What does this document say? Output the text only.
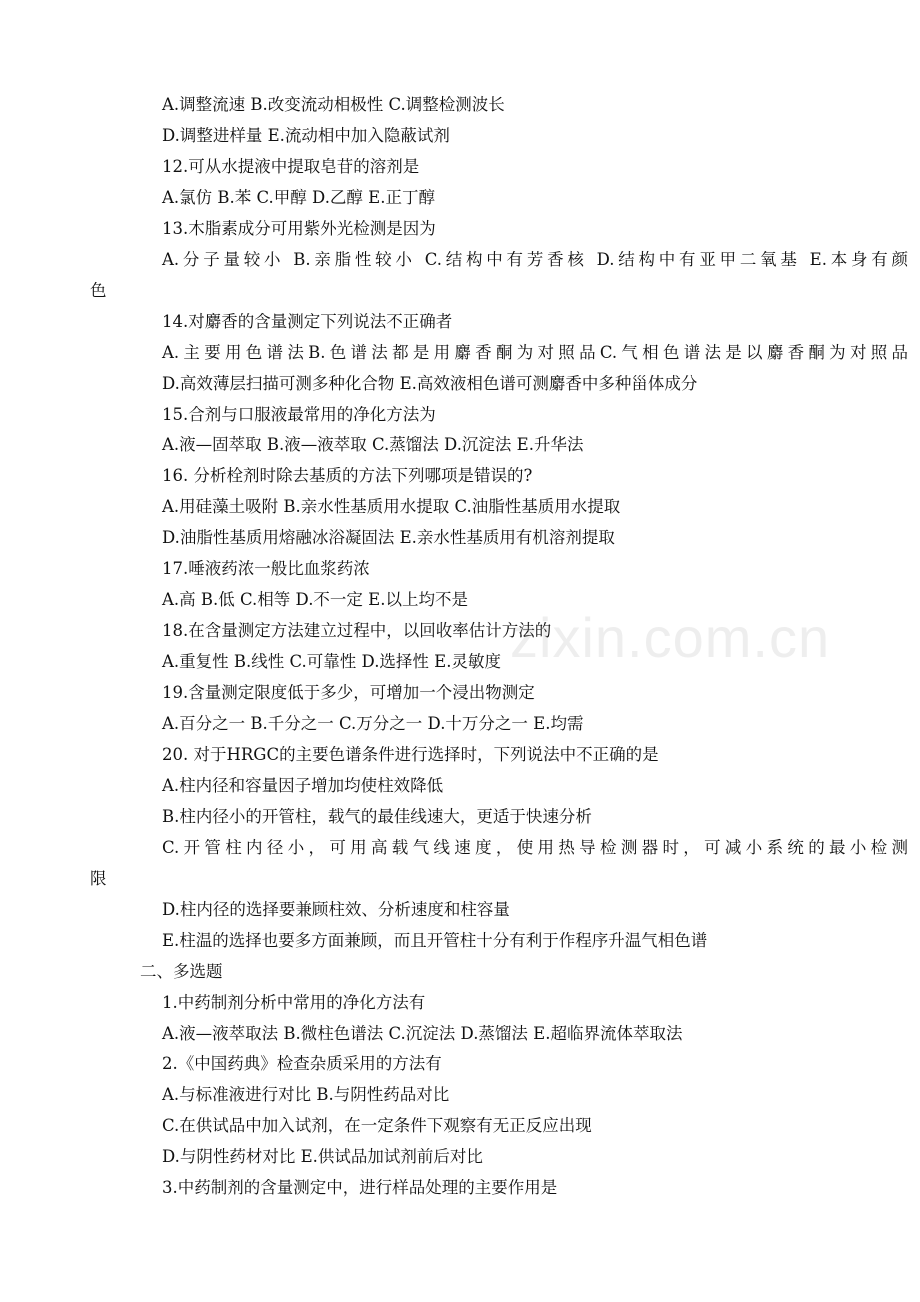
A.调整流速 B.改变流动相极性 C.调整检测波长
D.调整进样量 E.流动相中加入隐蔽试剂
12.可从水提液中提取皂苷的溶剂是
A.氯仿 B.苯 C.甲醇 D.乙醇 E.正丁醇
13.木脂素成分可用紫外光检测是因为
A.分子量较小 B.亲脂性较小 C.结构中有芳香核 D.结构中有亚甲二氧基 E.本身有颜
色
14.对麝香的含量测定下列说法不正确者
A.主要用色谱法B.色谱法都是用麝香酮为对照品C.气相色谱法是以麝香酮为对照品
D.高效薄层扫描可测多种化合物 E.高效液相色谱可测麝香中多种甾体成分
15.合剂与口服液最常用的净化方法为
A.液—固萃取 B.液—液萃取 C.蒸馏法 D.沉淀法 E.升华法
16. 分析栓剂时除去基质的方法下列哪项是错误的?
A.用硅藻土吸附 B.亲水性基质用水提取 C.油脂性基质用水提取
D.油脂性基质用熔融冰浴凝固法 E.亲水性基质用有机溶剂提取
17.唾液药浓一般比血浆药浓
A.高 B.低 C.相等 D.不一定 E.以上均不是
18.在含量测定方法建立过程中，以回收率估计方法的
A.重复性 B.线性 C.可靠性 D.选择性 E.灵敏度
19.含量测定限度低于多少，可增加一个浸出物测定
A.百分之一 B.千分之一 C.万分之一 D.十万分之一 E.均需
20. 对于HRGC的主要色谱条件进行选择时，下列说法中不正确的是
A.柱内径和容量因子增加均使柱效降低
B.柱内径小的开管柱，载气的最佳线速大，更适于快速分析
C.开管柱内径小，可用高载气线速度，使用热导检测器时，可减小系统的最小检测
限
D.柱内径的选择要兼顾柱效、分析速度和柱容量
E.柱温的选择也要多方面兼顾，而且开管柱十分有利于作程序升温气相色谱
二、多选题
1.中药制剂分析中常用的净化方法有
A.液—液萃取法 B.微柱色谱法 C.沉淀法 D.蒸馏法 E.超临界流体萃取法
2.《中国药典》检查杂质采用的方法有
A.与标准液进行对比 B.与阴性药品对比
C.在供试品中加入试剂，在一定条件下观察有无正反应出现
D.与阴性药材对比 E.供试品加试剂前后对比
3.中药制剂的含量测定中，进行样品处理的主要作用是
zixin.com.cn
